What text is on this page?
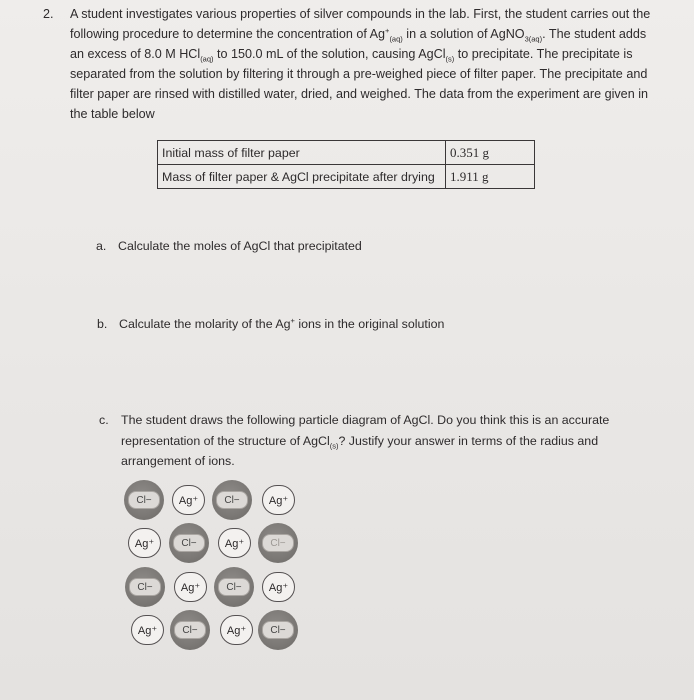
2. A student investigates various properties of silver compounds in the lab. First, the student carries out the following procedure to determine the concentration of $Ag^+_{(aq)}$ in a solution of AgNO$_{3(aq)}$. The student adds an excess of 8.0 M HCl$_{(aq)}$ to 150.0 mL of the solution, causing AgCl$_{(s)}$ to precipitate. The precipitate is separated from the solution by filtering it through a pre-weighed piece of filter paper. The precipitate and filter paper are rinsed with distilled water, dried, and weighed. The data from the experiment are given in the table below
Initial mass of filter paper	0.351 g
Mass of filter paper & AgCl precipitate after drying	1.911 g
a. Calculate the moles of AgCl that precipitated
b. Calculate the molarity of the Ag+ ions in the original solution
c. The student draws the following particle diagram of AgCl. Do you think this is an accurate representation of the structure of AgCl$_{(s)}$? Justify your answer in terms of the radius and arrangement of ions.
Cl−	Ag⁺	Cl−	Ag⁺
Ag⁺	Cl−	Ag⁺	Cl−
Cl−	Ag⁺	Cl−	Ag⁺
Ag⁺	Cl−	Ag⁺	Cl−
